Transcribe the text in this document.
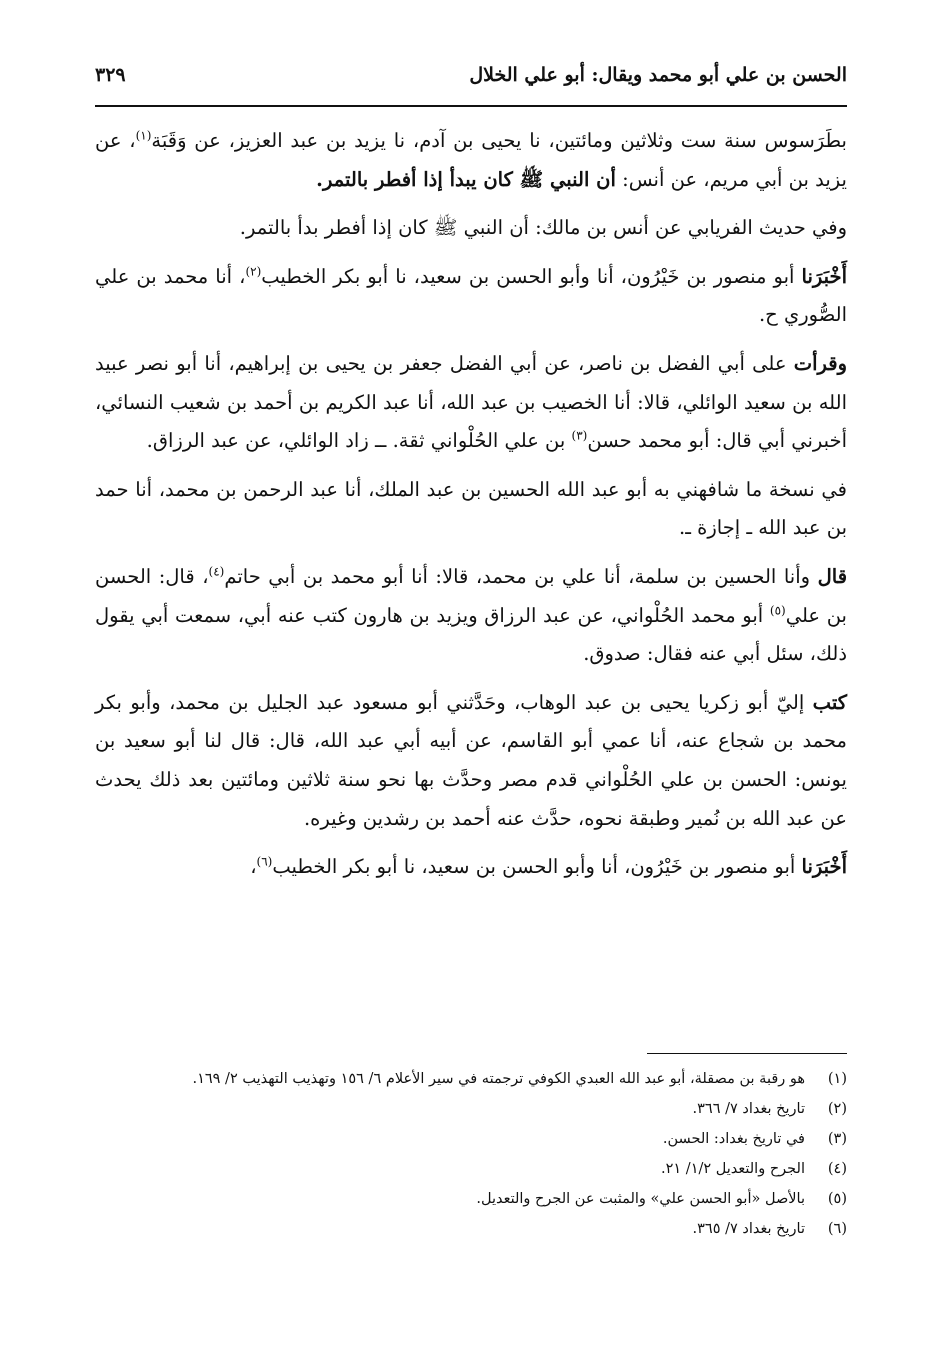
الحسن بن علي أبو محمد ويقال: أبو علي الخلال
٣٢٩

بطَرَسوس سنة ست وثلاثين ومائتين، نا يحيى بن آدم، نا يزيد بن عبد العزيز، عن وَقَبَة$^{(١)}$، عن يزيد بن أبي مريم، عن أنس: أن النبي ﷺ كان يبدأ إذا أفطر بالتمر.

وفي حديث الفريابي عن أنس بن مالك: أن النبي ﷺ كان إذا أفطر بدأ بالتمر.

أَخْبَرَنا أبو منصور بن خَيْرُون، أنا وأبو الحسن بن سعيد، نا أبو بكر الخطيب$^{(٢)}$، أنا محمد بن علي الصُّوري ح.

وقرأت على أبي الفضل بن ناصر، عن أبي الفضل جعفر بن يحيى بن إبراهيم، أنا أبو نصر عبيد الله بن سعيد الوائلي، قالا: أنا الخصيب بن عبد الله، أنا عبد الكريم بن أحمد بن شعيب النسائي، أخبرني أبي قال: أبو محمد حسن$^{(٣)}$ بن علي الحُلْواني ثقة. ــ زاد الوائلي، عن عبد الرزاق.

في نسخة ما شافهني به أبو عبد الله الحسين بن عبد الملك، أنا عبد الرحمن بن محمد، أنا حمد بن عبد الله ـ إجازة ـ.

قال وأنا الحسين بن سلمة، أنا علي بن محمد، قالا: أنا أبو محمد بن أبي حاتم$^{(٤)}$، قال: الحسن بن علي$^{(٥)}$ أبو محمد الحُلْواني، عن عبد الرزاق ويزيد بن هارون كتب عنه أبي، سمعت أبي يقول ذلك، سئل أبي عنه فقال: صدوق.

كتب إليّ أبو زكريا يحيى بن عبد الوهاب، وحَدَّثني أبو مسعود عبد الجليل بن محمد، وأبو بكر محمد بن شجاع عنه، أنا عمي أبو القاسم، عن أبيه أبي عبد الله، قال: قال لنا أبو سعيد بن يونس: الحسن بن علي الحُلْواني قدم مصر وحدَّث بها نحو سنة ثلاثين ومائتين بعد ذلك يحدث عن عبد الله بن نُمير وطبقة نحوه، حدَّث عنه أحمد بن رشدين وغيره.

أَخْبَرَنا أبو منصور بن خَيْرُون، أنا وأبو الحسن بن سعيد، نا أبو بكر الخطيب$^{(٦)}$،

(١)
هو رقبة بن مصقلة، أبو عبد الله العبدي الكوفي ترجمته في سير الأعلام ٦/ ١٥٦ وتهذيب التهذيب ٢/ ١٦٩.
(٢)
تاريخ بغداد ٧/ ٣٦٦.
(٣)
في تاريخ بغداد: الحسن.
(٤)
الجرح والتعديل ١/٢/ ٢١.
(٥)
بالأصل «أبو الحسن علي» والمثبت عن الجرح والتعديل.
(٦)
تاريخ بغداد ٧/ ٣٦٥.
